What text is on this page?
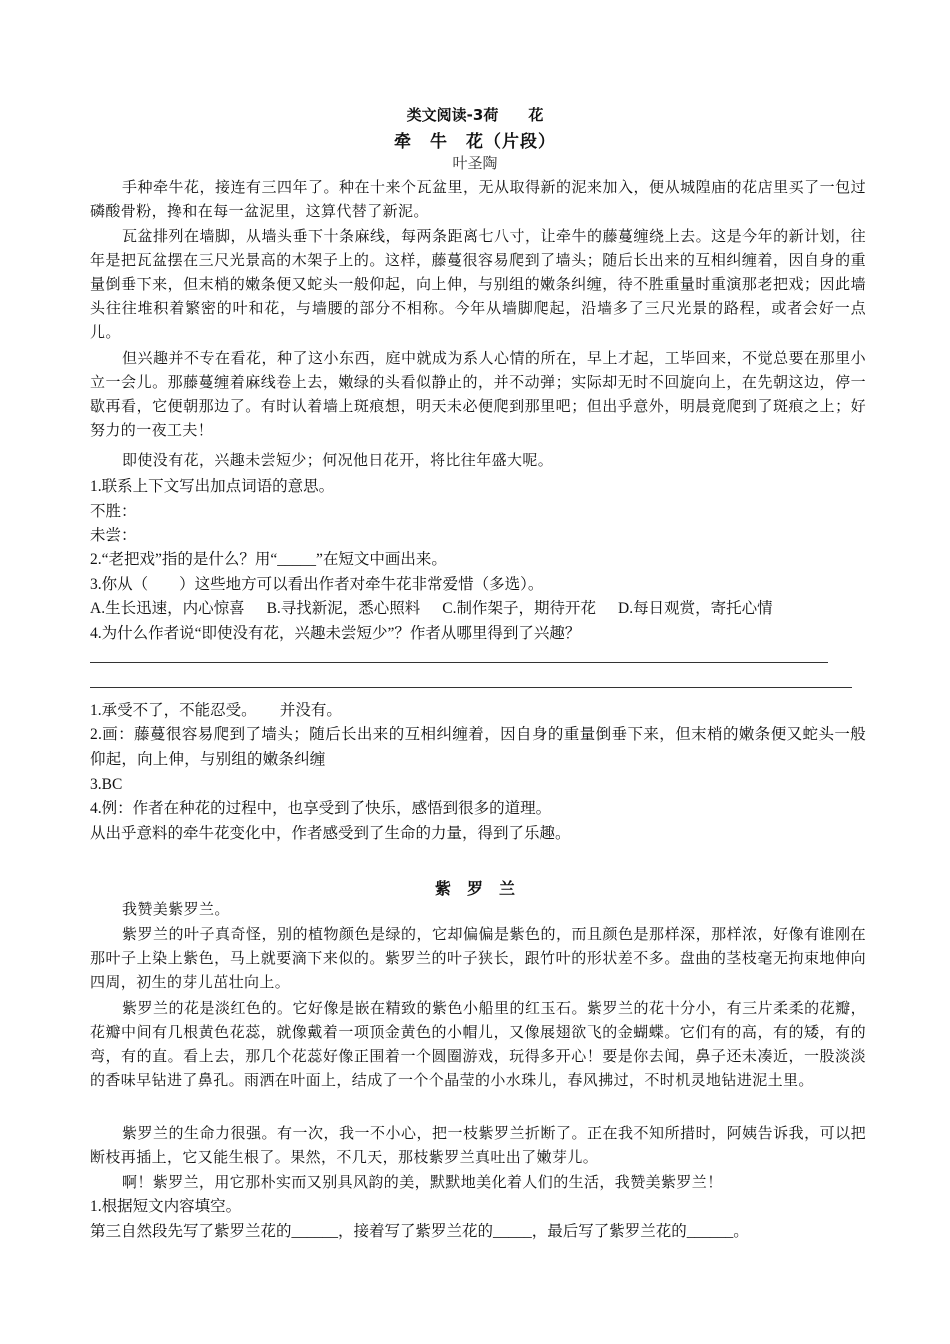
类文阅读-3荷　　花
牵　牛　花（片段）
叶圣陶

手种牵牛花，接连有三四年了。种在十来个瓦盆里，无从取得新的泥来加入，便从城隍庙的花店里买了一包过磷酸骨粉，搀和在每一盆泥里，这算代替了新泥。

瓦盆排列在墙脚，从墙头垂下十条麻线，每两条距离七八寸，让牵牛的藤蔓缠绕上去。这是今年的新计划，往年是把瓦盆摆在三尺光景高的木架子上的。这样，藤蔓很容易爬到了墙头；随后长出来的互相纠缠着，因自身的重量倒垂下来，但末梢的嫩条便又蛇头一般仰起，向上伸，与别组的嫩条纠缠，待不胜重量时重演那老把戏；因此墙头往往堆积着繁密的叶和花，与墙腰的部分不相称。今年从墙脚爬起，沿墙多了三尺光景的路程，或者会好一点儿。

但兴趣并不专在看花，种了这小东西，庭中就成为系人心情的所在，早上才起，工毕回来，不觉总要在那里小立一会儿。那藤蔓缠着麻线卷上去，嫩绿的头看似静止的，并不动弹；实际却无时不回旋向上，在先朝这边，停一歇再看，它便朝那边了。有时认着墙上斑痕想，明天未必便爬到那里吧；但出乎意外，明晨竟爬到了斑痕之上；好努力的一夜工夫！

即使没有花，兴趣未尝短少；何况他日花开，将比往年盛大呢。

1.联系上下文写出加点词语的意思。

不胜：

未尝：

2.“老把戏”指的是什么？用“_____”在短文中画出来。

3.你从（　　）这些地方可以看出作者对牵牛花非常爱惜（多选）。

A.生长迅速，内心惊喜 B.寻找新泥，悉心照料 C.制作架子，期待开花 D.每日观赏，寄托心情

4.为什么作者说“即使没有花，兴趣未尝短少”？作者从哪里得到了兴趣？

1.承受不了，不能忍受。　　并没有。

2.画：藤蔓很容易爬到了墙头；随后长出来的互相纠缠着，因自身的重量倒垂下来，但末梢的嫩条便又蛇头一般仰起，向上伸，与别组的嫩条纠缠

3.BC

4.例：作者在种花的过程中，也享受到了快乐，感悟到很多的道理。

从出乎意料的牵牛花变化中，作者感受到了生命的力量，得到了乐趣。

紫　罗　兰

我赞美紫罗兰。

紫罗兰的叶子真奇怪，别的植物颜色是绿的，它却偏偏是紫色的，而且颜色是那样深，那样浓，好像有谁刚在那叶子上染上紫色，马上就要滴下来似的。紫罗兰的叶子狭长，跟竹叶的形状差不多。盘曲的茎枝毫无拘束地伸向四周，初生的芽儿茁壮向上。

紫罗兰的花是淡红色的。它好像是嵌在精致的紫色小船里的红玉石。紫罗兰的花十分小，有三片柔柔的花瓣，花瓣中间有几根黄色花蕊，就像戴着一项顶金黄色的小帽儿，又像展翅欲飞的金蝴蝶。它们有的高，有的矮，有的弯，有的直。看上去，那几个花蕊好像正围着一个圆圈游戏，玩得多开心！要是你去闻，鼻子还未凑近，一股淡淡的香味早钻进了鼻孔。雨洒在叶面上，结成了一个个晶莹的小水珠儿，春风拂过，不时机灵地钻进泥土里。

紫罗兰的生命力很强。有一次，我一不小心，把一枝紫罗兰折断了。正在我不知所措时，阿姨告诉我，可以把断枝再插上，它又能生根了。果然，不几天，那枝紫罗兰真吐出了嫩芽儿。

啊！紫罗兰，用它那朴实而又别具风韵的美，默默地美化着人们的生活，我赞美紫罗兰！

1.根据短文内容填空。

第三自然段先写了紫罗兰花的______，接着写了紫罗兰花的_____，最后写了紫罗兰花的______。
